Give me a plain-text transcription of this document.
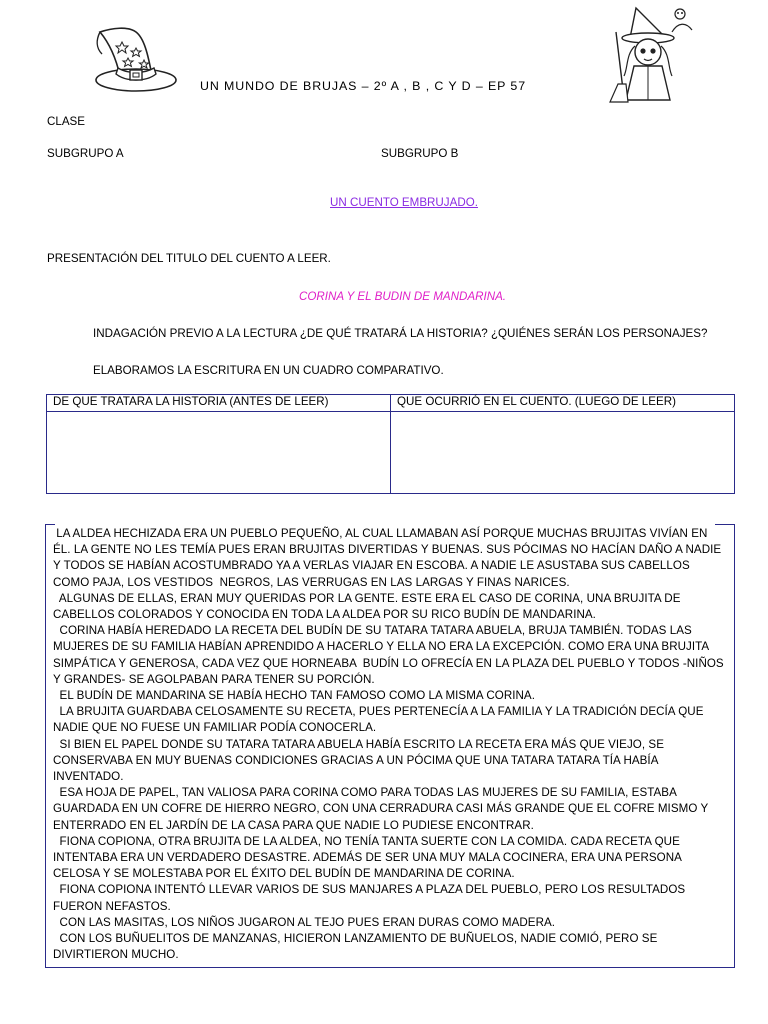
UN MUNDO DE BRUJAS – 2º A , B , C Y D – EP 57
CLASE
SUBGRUPO A	SUBGRUPO B
UN CUENTO EMBRUJADO.
PRESENTACIÓN DEL TITULO DEL CUENTO A LEER.
CORINA Y EL BUDIN DE MANDARINA.
INDAGACIÓN PREVIO A LA LECTURA ¿DE QUÉ TRATARÁ LA HISTORIA? ¿QUIÉNES SERÁN LOS PERSONAJES?
ELABORAMOS LA ESCRITURA EN UN CUADRO COMPARATIVO.
DE QUE TRATARA LA HISTORIA (ANTES DE LEER)	QUE OCURRIÓ EN EL CUENTO. (LUEGO DE LEER)

LA ALDEA HECHIZADA ERA UN PUEBLO PEQUEÑO, AL CUAL LLAMABAN ASÍ PORQUE MUCHAS BRUJITAS VIVÍAN EN
ÉL. LA GENTE NO LES TEMÍA PUES ERAN BRUJITAS DIVERTIDAS Y BUENAS. SUS PÓCIMAS NO HACÍAN DAÑO A NADIE
Y TODOS SE HABÍAN ACOSTUMBRADO YA A VERLAS VIAJAR EN ESCOBA. A NADIE LE ASUSTABA SUS CABELLOS
COMO PAJA, LOS VESTIDOS  NEGROS, LAS VERRUGAS EN LAS LARGAS Y FINAS NARICES.
ALGUNAS DE ELLAS, ERAN MUY QUERIDAS POR LA GENTE. ESTE ERA EL CASO DE CORINA, UNA BRUJITA DE
CABELLOS COLORADOS Y CONOCIDA EN TODA LA ALDEA POR SU RICO BUDÍN DE MANDARINA.
CORINA HABÍA HEREDADO LA RECETA DEL BUDÍN DE SU TATARA TATARA ABUELA, BRUJA TAMBIÉN. TODAS LAS
MUJERES DE SU FAMILIA HABÍAN APRENDIDO A HACERLO Y ELLA NO ERA LA EXCEPCIÓN. COMO ERA UNA BRUJITA
SIMPÁTICA Y GENEROSA, CADA VEZ QUE HORNEABA  BUDÍN LO OFRECÍA EN LA PLAZA DEL PUEBLO Y TODOS -NIÑOS
Y GRANDES- SE AGOLPABAN PARA TENER SU PORCIÓN.
EL BUDÍN DE MANDARINA SE HABÍA HECHO TAN FAMOSO COMO LA MISMA CORINA.
LA BRUJITA GUARDABA CELOSAMENTE SU RECETA, PUES PERTENECÍA A LA FAMILIA Y LA TRADICIÓN DECÍA QUE
NADIE QUE NO FUESE UN FAMILIAR PODÍA CONOCERLA.
SI BIEN EL PAPEL DONDE SU TATARA TATARA ABUELA HABÍA ESCRITO LA RECETA ERA MÁS QUE VIEJO, SE
CONSERVABA EN MUY BUENAS CONDICIONES GRACIAS A UN PÓCIMA QUE UNA TATARA TATARA TÍA HABÍA
INVENTADO.
ESA HOJA DE PAPEL, TAN VALIOSA PARA CORINA COMO PARA TODAS LAS MUJERES DE SU FAMILIA, ESTABA
GUARDADA EN UN COFRE DE HIERRO NEGRO, CON UNA CERRADURA CASI MÁS GRANDE QUE EL COFRE MISMO Y
ENTERRADO EN EL JARDÍN DE LA CASA PARA QUE NADIE LO PUDIESE ENCONTRAR.
FIONA COPIONA, OTRA BRUJITA DE LA ALDEA, NO TENÍA TANTA SUERTE CON LA COMIDA. CADA RECETA QUE
INTENTABA ERA UN VERDADERO DESASTRE. ADEMÁS DE SER UNA MUY MALA COCINERA, ERA UNA PERSONA
CELOSA Y SE MOLESTABA POR EL ÉXITO DEL BUDÍN DE MANDARINA DE CORINA.
FIONA COPIONA INTENTÓ LLEVAR VARIOS DE SUS MANJARES A PLAZA DEL PUEBLO, PERO LOS RESULTADOS
FUERON NEFASTOS.
CON LAS MASITAS, LOS NIÑOS JUGARON AL TEJO PUES ERAN DURAS COMO MADERA.
CON LOS BUÑUELITOS DE MANZANAS, HICIERON LANZAMIENTO DE BUÑUELOS, NADIE COMIÓ, PERO SE
DIVIRTIERON MUCHO.
